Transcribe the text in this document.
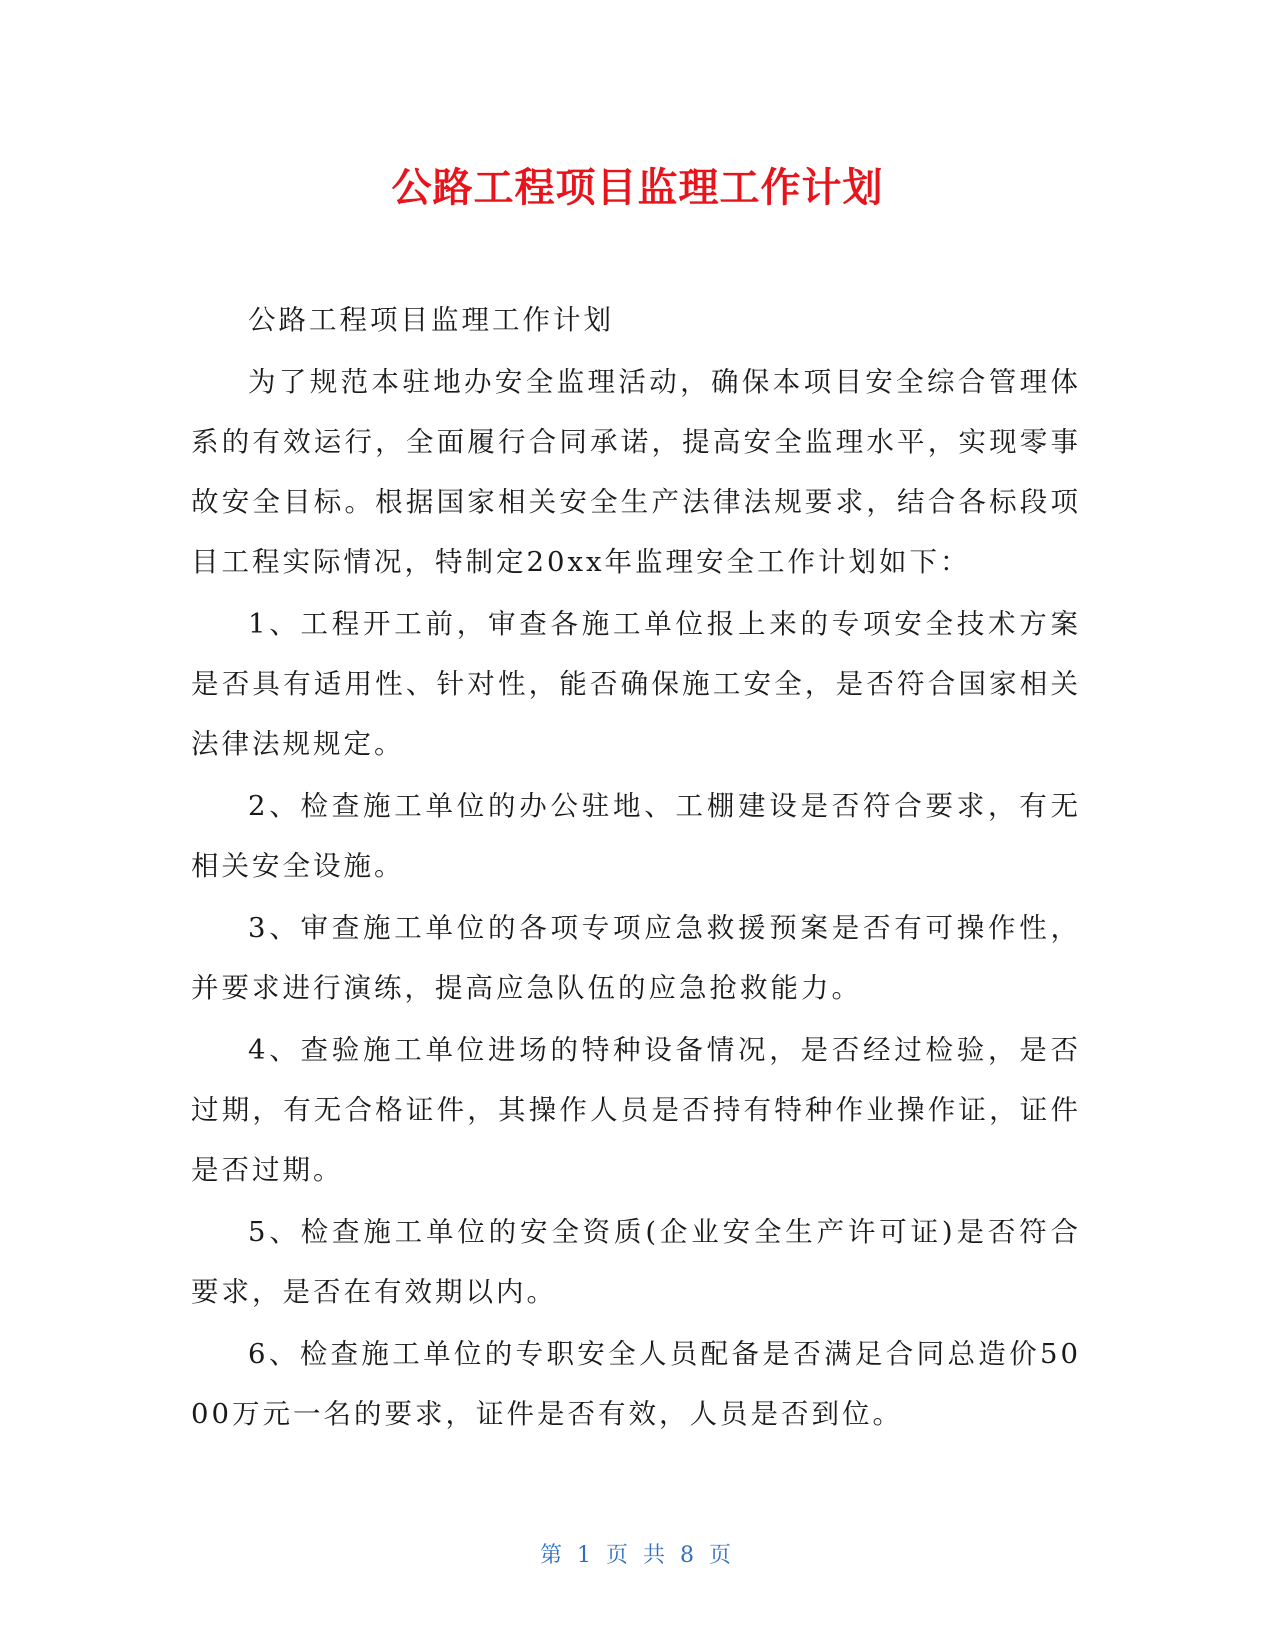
公路工程项目监理工作计划

公路工程项目监理工作计划

为了规范本驻地办安全监理活动，确保本项目安全综合管理体系的有效运行，全面履行合同承诺，提高安全监理水平，实现零事故安全目标。根据国家相关安全生产法律法规要求，结合各标段项目工程实际情况，特制定20xx年监理安全工作计划如下：

1、工程开工前，审查各施工单位报上来的专项安全技术方案是否具有适用性、针对性，能否确保施工安全，是否符合国家相关法律法规规定。

2、检查施工单位的办公驻地、工棚建设是否符合要求，有无相关安全设施。

3、审查施工单位的各项专项应急救援预案是否有可操作性，并要求进行演练，提高应急队伍的应急抢救能力。

4、查验施工单位进场的特种设备情况，是否经过检验，是否过期，有无合格证件，其操作人员是否持有特种作业操作证，证件是否过期。

5、检查施工单位的安全资质(企业安全生产许可证)是否符合要求，是否在有效期以内。

6、检查施工单位的专职安全人员配备是否满足合同总造价5000万元一名的要求，证件是否有效，人员是否到位。

第 1 页 共 8 页
